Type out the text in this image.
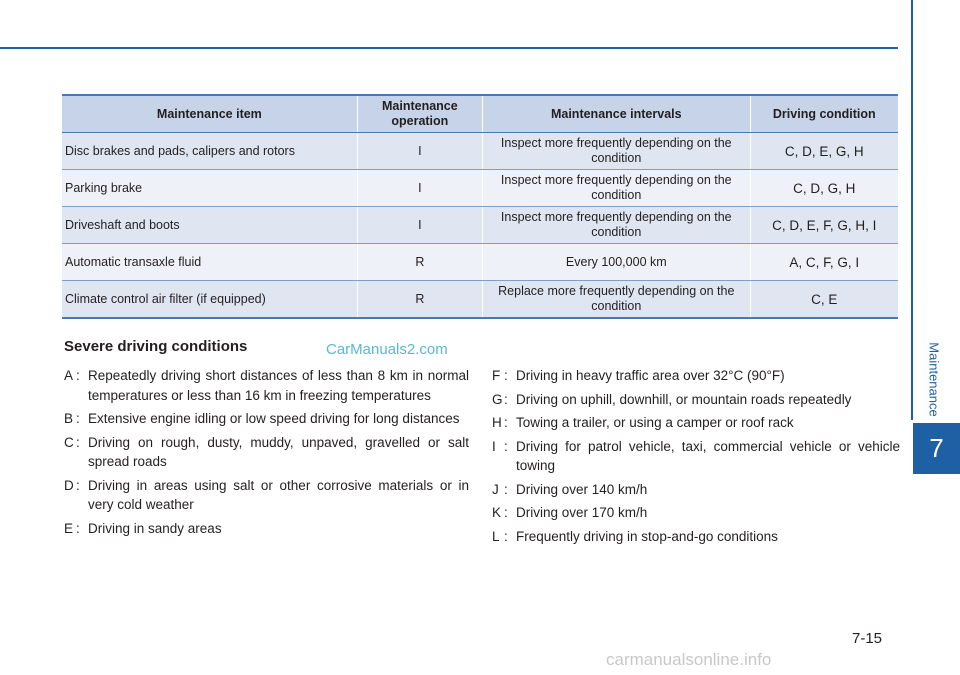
Maintenance
7
Maintenance item	Maintenance operation	Maintenance intervals	Driving condition
Disc brakes and pads, calipers and rotors	I	Inspect more frequently depending on the condition	C, D, E, G, H
Parking brake	I	Inspect more frequently depending on the condition	C, D, G, H
Driveshaft and boots	I	Inspect more frequently depending on the condition	C, D, E, F, G, H, I
Automatic transaxle fluid	R	Every 100,000 km	A, C, F, G, I
Climate control air filter (if equipped)	R	Replace more frequently depending on the condition	C, E
Severe driving conditions	CarManuals2.com
A : Repeatedly driving short distances of less than 8 km in normal temperatures or less than 16 km in freezing temperatures
B : Extensive engine idling or low speed driving for long distances
C : Driving on rough, dusty, muddy, unpaved, gravelled or salt spread roads
D : Driving in areas using salt or other corrosive materials or in very cold weather
E : Driving in sandy areas
F : Driving in heavy traffic area over 32°C (90°F)
G : Driving on uphill, downhill, or mountain roads repeatedly
H : Towing a trailer, or using a camper or roof rack
I : Driving for patrol vehicle, taxi, commercial vehicle or vehicle towing
J : Driving over 140 km/h
K : Driving over 170 km/h
L : Frequently driving in stop-and-go conditions
7-15
carmanualsonline.info
